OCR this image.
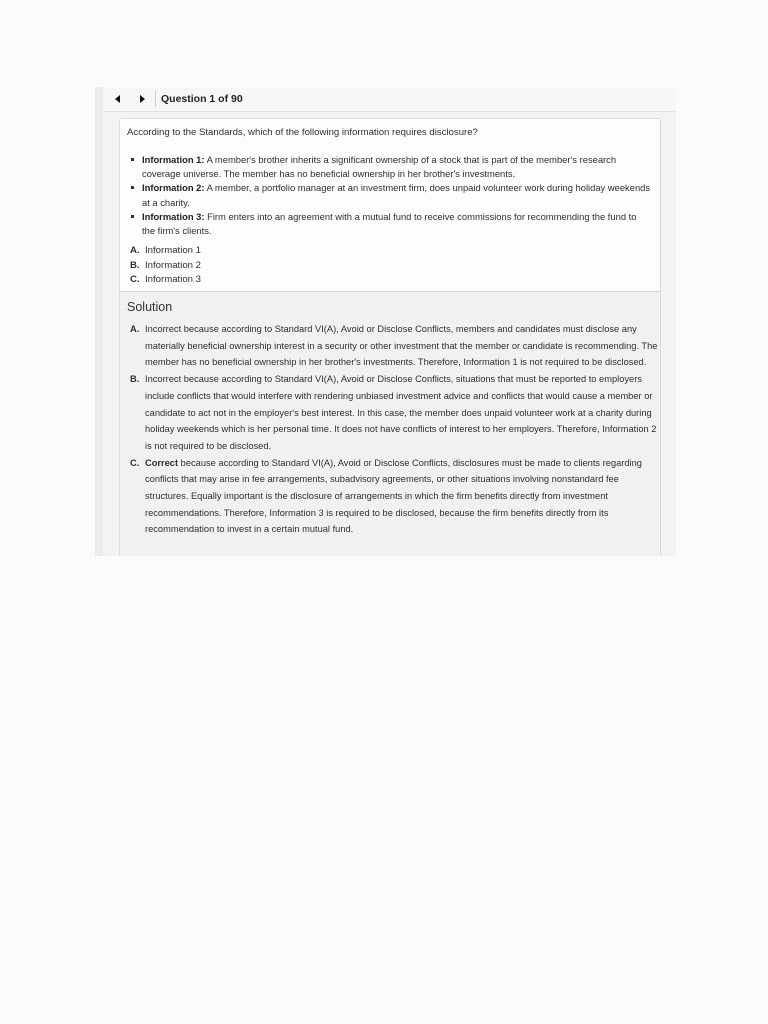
Question 1 of 90
According to the Standards, which of the following information requires disclosure?
Information 1: A member's brother inherits a significant ownership of a stock that is part of the member's research coverage universe. The member has no beneficial ownership in her brother's investments.
Information 2: A member, a portfolio manager at an investment firm, does unpaid volunteer work during holiday weekends at a charity.
Information 3: Firm enters into an agreement with a mutual fund to receive commissions for recommending the fund to the firm's clients.
A. Information 1
B. Information 2
C. Information 3
Solution
A. Incorrect because according to Standard VI(A), Avoid or Disclose Conflicts, members and candidates must disclose any materially beneficial ownership interest in a security or other investment that the member or candidate is recommending. The member has no beneficial ownership in her brother's investments. Therefore, Information 1 is not required to be disclosed.
B. Incorrect because according to Standard VI(A), Avoid or Disclose Conflicts, situations that must be reported to employers include conflicts that would interfere with rendering unbiased investment advice and conflicts that would cause a member or candidate to act not in the employer's best interest. In this case, the member does unpaid volunteer work at a charity during holiday weekends which is her personal time. It does not have conflicts of interest to her employers. Therefore, Information 2 is not required to be disclosed.
C. Correct because according to Standard VI(A), Avoid or Disclose Conflicts, disclosures must be made to clients regarding conflicts that may arise in fee arrangements, subadvisory agreements, or other situations involving nonstandard fee structures. Equally important is the disclosure of arrangements in which the firm benefits directly from investment recommendations. Therefore, Information 3 is required to be disclosed, because the firm benefits directly from its recommendation to invest in a certain mutual fund.
